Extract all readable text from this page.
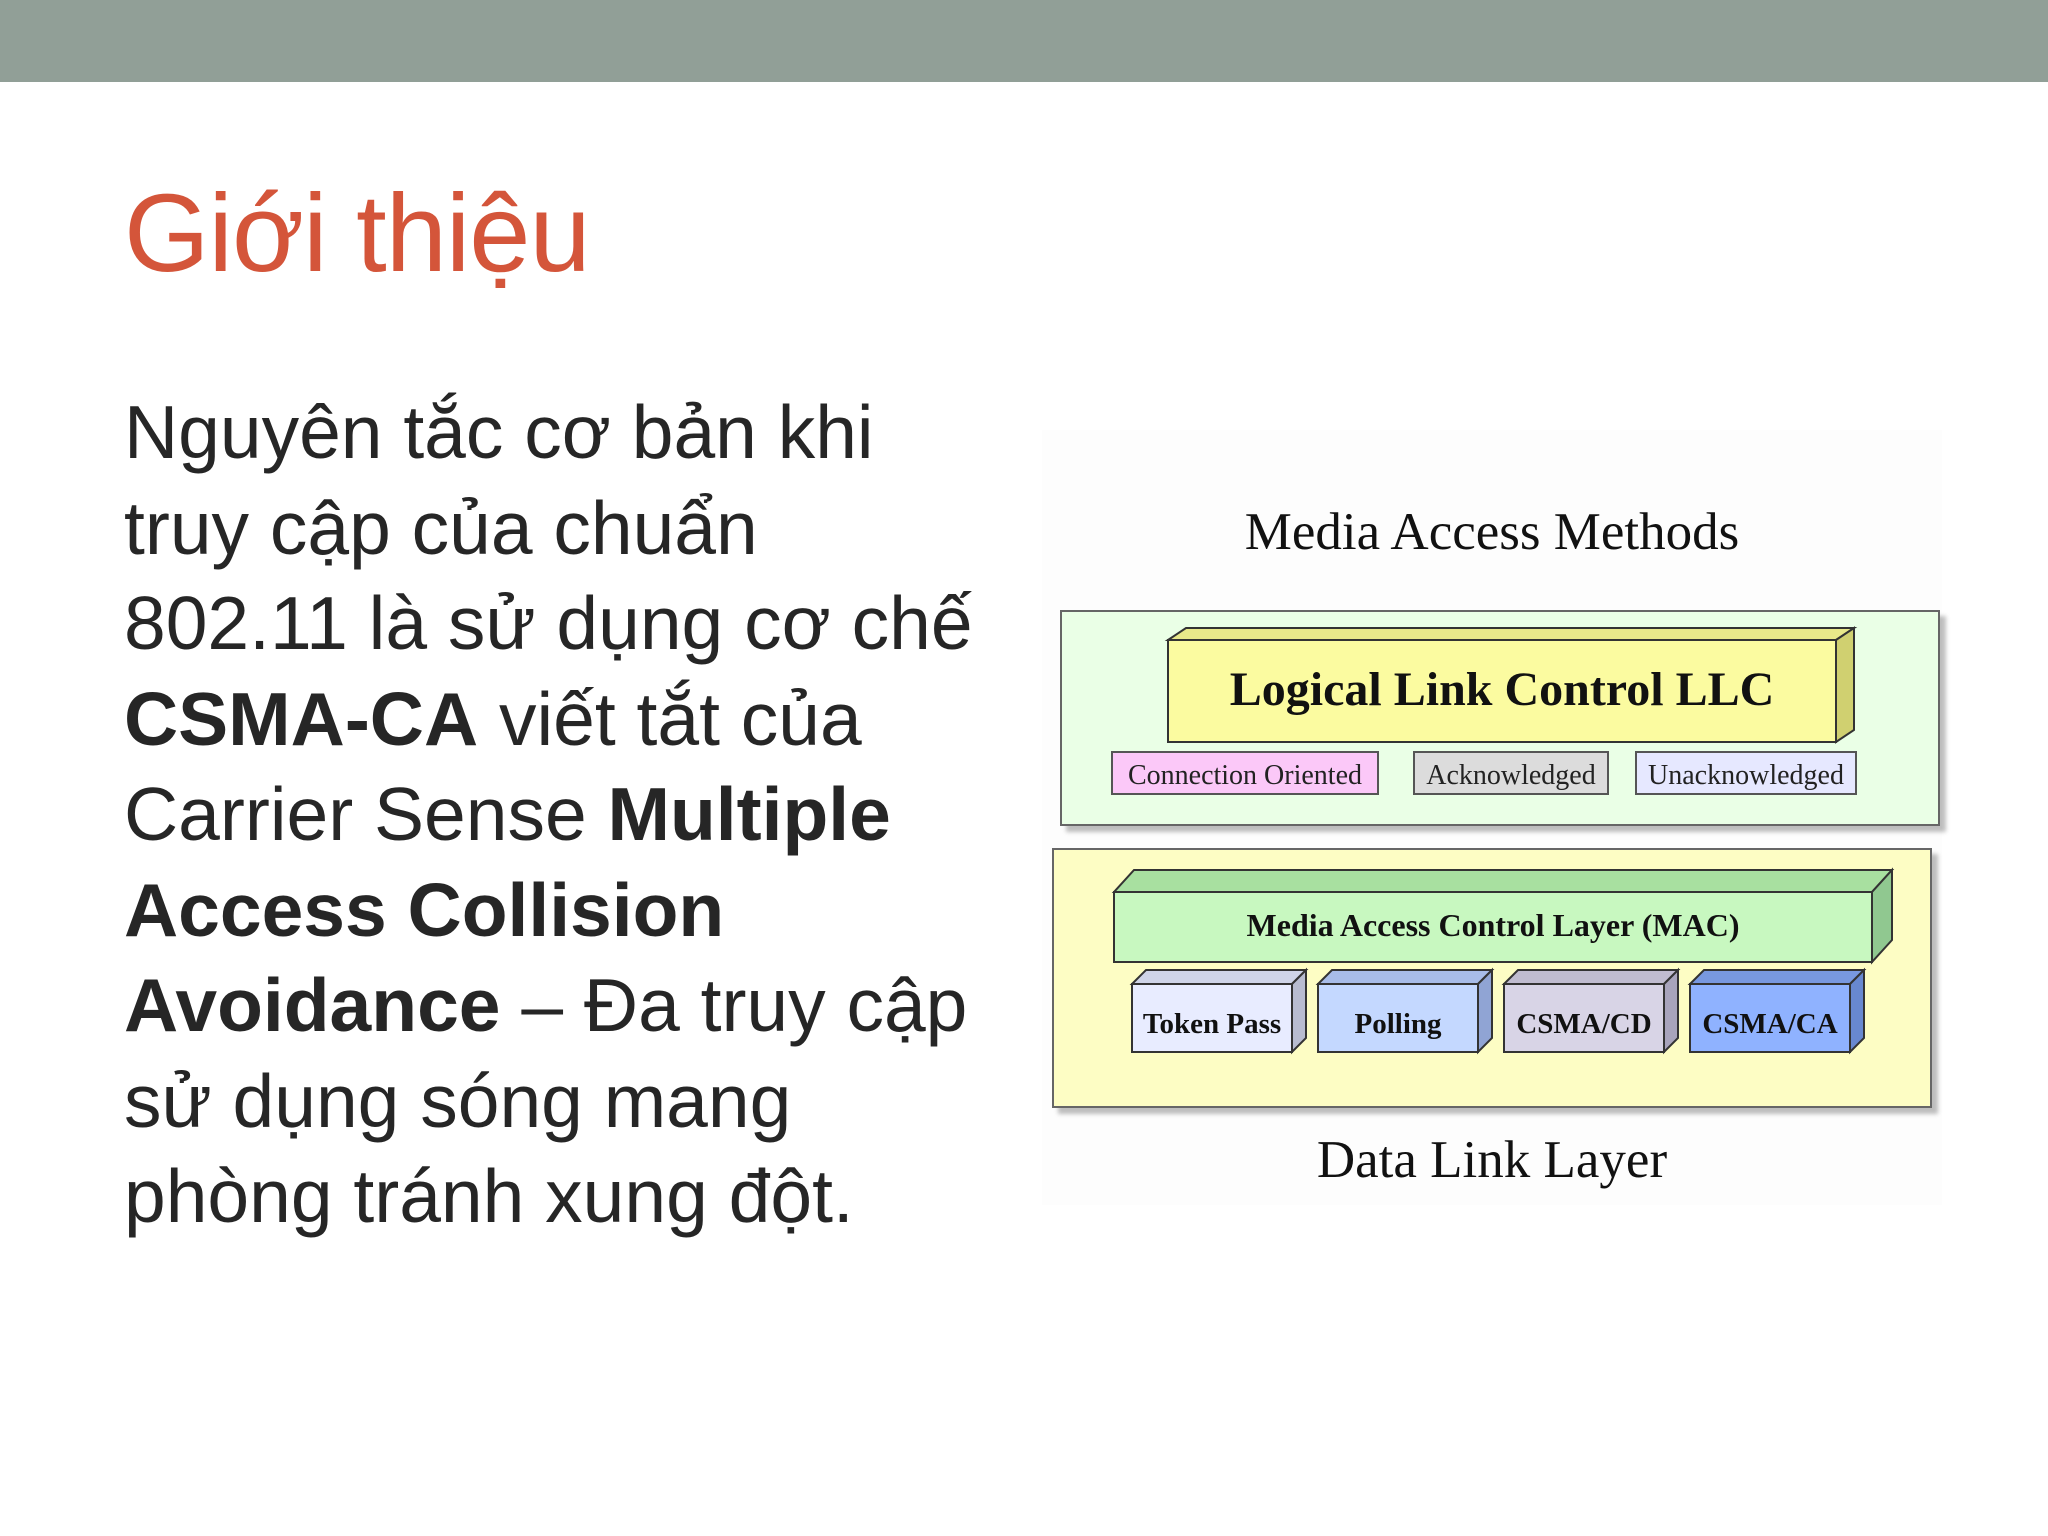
Giới thiệu
Nguyên tắc cơ bản khi truy cập của chuẩn 802.11 là sử dụng cơ chế CSMA-CA viết tắt của Carrier Sense Multiple Access Collision Avoidance – Đa truy cập sử dụng sóng mang phòng tránh xung đột.
Media Access Methods
Logical Link Control LLC
Connection Oriented Acknowledged Unacknowledged
Media Access Control Layer (MAC)
Token Pass	Polling	CSMA/CD CSMA/CA
Data Link Layer
